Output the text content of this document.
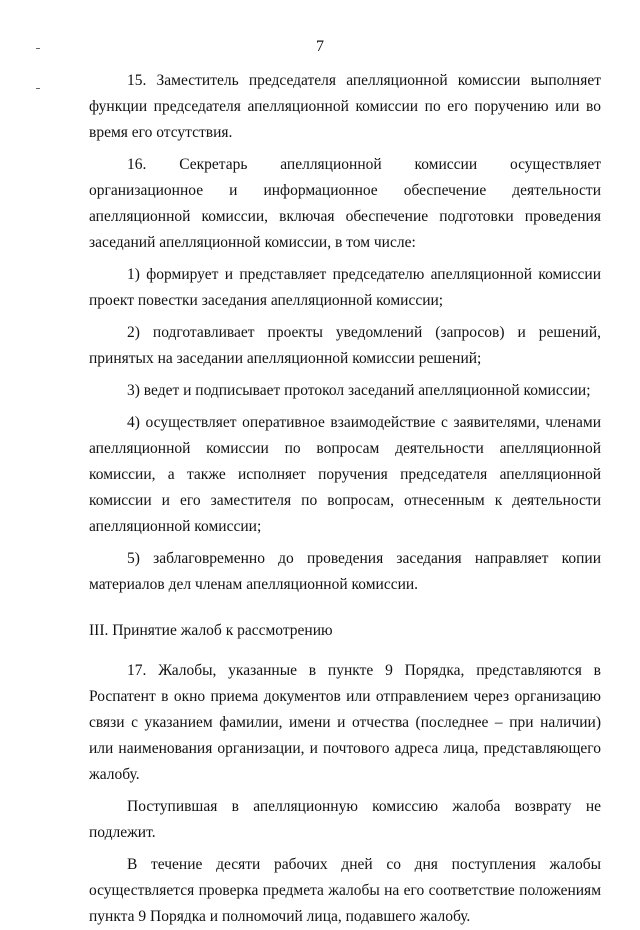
7

15. Заместитель председателя апелляционной комиссии выполняет функции председателя апелляционной комиссии по его поручению или во время его отсутствия.

16. Секретарь апелляционной комиссии осуществляет организационное и информационное обеспечение деятельности апелляционной комиссии, включая обеспечение подготовки проведения заседаний апелляционной комиссии, в том числе:

1) формирует и представляет председателю апелляционной комиссии проект повестки заседания апелляционной комиссии;

2) подготавливает проекты уведомлений (запросов) и решений, принятых на заседании апелляционной комиссии решений;

3) ведет и подписывает протокол заседаний апелляционной комиссии;

4) осуществляет оперативное взаимодействие с заявителями, членами апелляционной комиссии по вопросам деятельности апелляционной комиссии, а также исполняет поручения председателя апелляционной комиссии и его заместителя по вопросам, отнесенным к деятельности апелляционной комиссии;

5) заблаговременно до проведения заседания направляет копии материалов дел членам апелляционной комиссии.

III. Принятие жалоб к рассмотрению

17. Жалобы, указанные в пункте 9 Порядка, представляются в Роспатент в окно приема документов или отправлением через организацию связи с указанием фамилии, имени и отчества (последнее – при наличии) или наименования организации, и почтового адреса лица, представляющего жалобу.

Поступившая в апелляционную комиссию жалоба возврату не подлежит.

В течение десяти рабочих дней со дня поступления жалобы осуществляется проверка предмета жалобы на его соответствие положениям пункта 9 Порядка и полномочий лица, подавшего жалобу.
